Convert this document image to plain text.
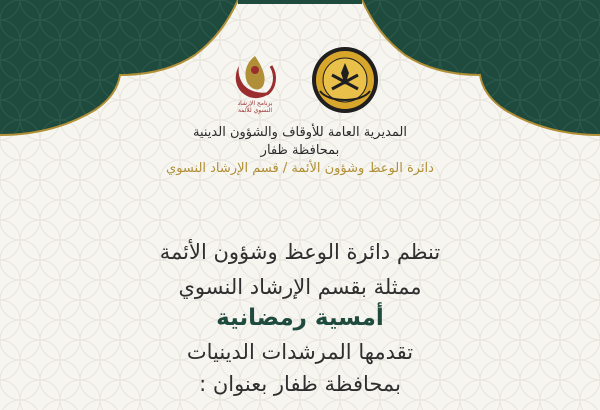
برنامج الإرشاد
النسوي للأئمة
المديرية العامة للأوقاف والشؤون الدينية
بمحافظة ظفار
دائرة الوعظ وشؤون الأئمة / قسم الإرشاد النسوي
تنظم دائرة الوعظ وشؤون الأئمة
ممثلة بقسم الإرشاد النسوي
أمسية رمضانية
تقدمها المرشدات الدينيات
بمحافظة ظفار بعنوان :
